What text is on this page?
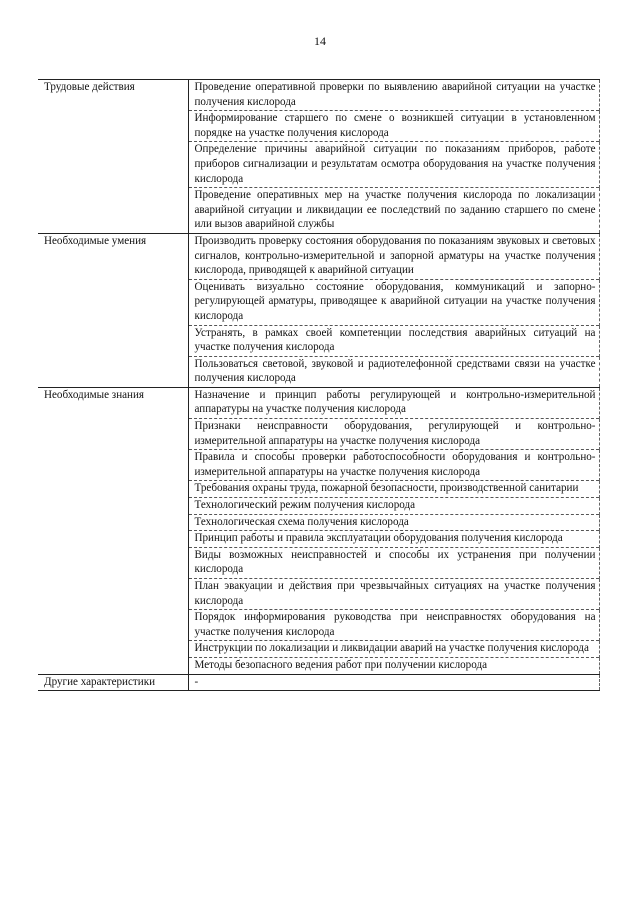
14
Трудовые действия	Проведение оперативной проверки по выявлению аварийной ситуации на участке получения кислорода
	Информирование старшего по смене о возникшей ситуации в установленном порядке на участке получения кислорода
	Определение причины аварийной ситуации по показаниям приборов, работе приборов сигнализации и результатам осмотра оборудования на участке получения кислорода
	Проведение оперативных мер на участке получения кислорода по локализации аварийной ситуации и ликвидации ее последствий по заданию старшего по смене или вызов аварийной службы
Необходимые умения	Производить проверку состояния оборудования по показаниям звуковых и световых сигналов, контрольно-измерительной и запорной арматуры на участке получения кислорода, приводящей к аварийной ситуации
	Оценивать визуально состояние оборудования, коммуникаций и запорно-регулирующей арматуры, приводящее к аварийной ситуации на участке получения кислорода
	Устранять, в рамках своей компетенции последствия аварийных ситуаций на участке получения кислорода
	Пользоваться световой, звуковой и радиотелефонной средствами связи на участке получения кислорода
Необходимые знания	Назначение и принцип работы регулирующей и контрольно-измерительной аппаратуры на участке получения кислорода
	Признаки неисправности оборудования, регулирующей и контрольно-измерительной аппаратуры на участке получения кислорода
	Правила и способы проверки работоспособности оборудования и контрольно-измерительной аппаратуры на участке получения кислорода
	Требования охраны труда, пожарной безопасности, производственной санитарии
	Технологический режим получения кислорода
	Технологическая схема получения кислорода
	Принцип работы и правила эксплуатации оборудования получения кислорода
	Виды возможных неисправностей и способы их устранения при получении кислорода
	План эвакуации и действия при чрезвычайных ситуациях на участке получения кислорода
	Порядок информирования руководства при неисправностях оборудования на участке получения кислорода
	Инструкции по локализации и ликвидации аварий на участке получения кислорода
	Методы безопасного ведения работ при получении кислорода
Другие характеристики	-
